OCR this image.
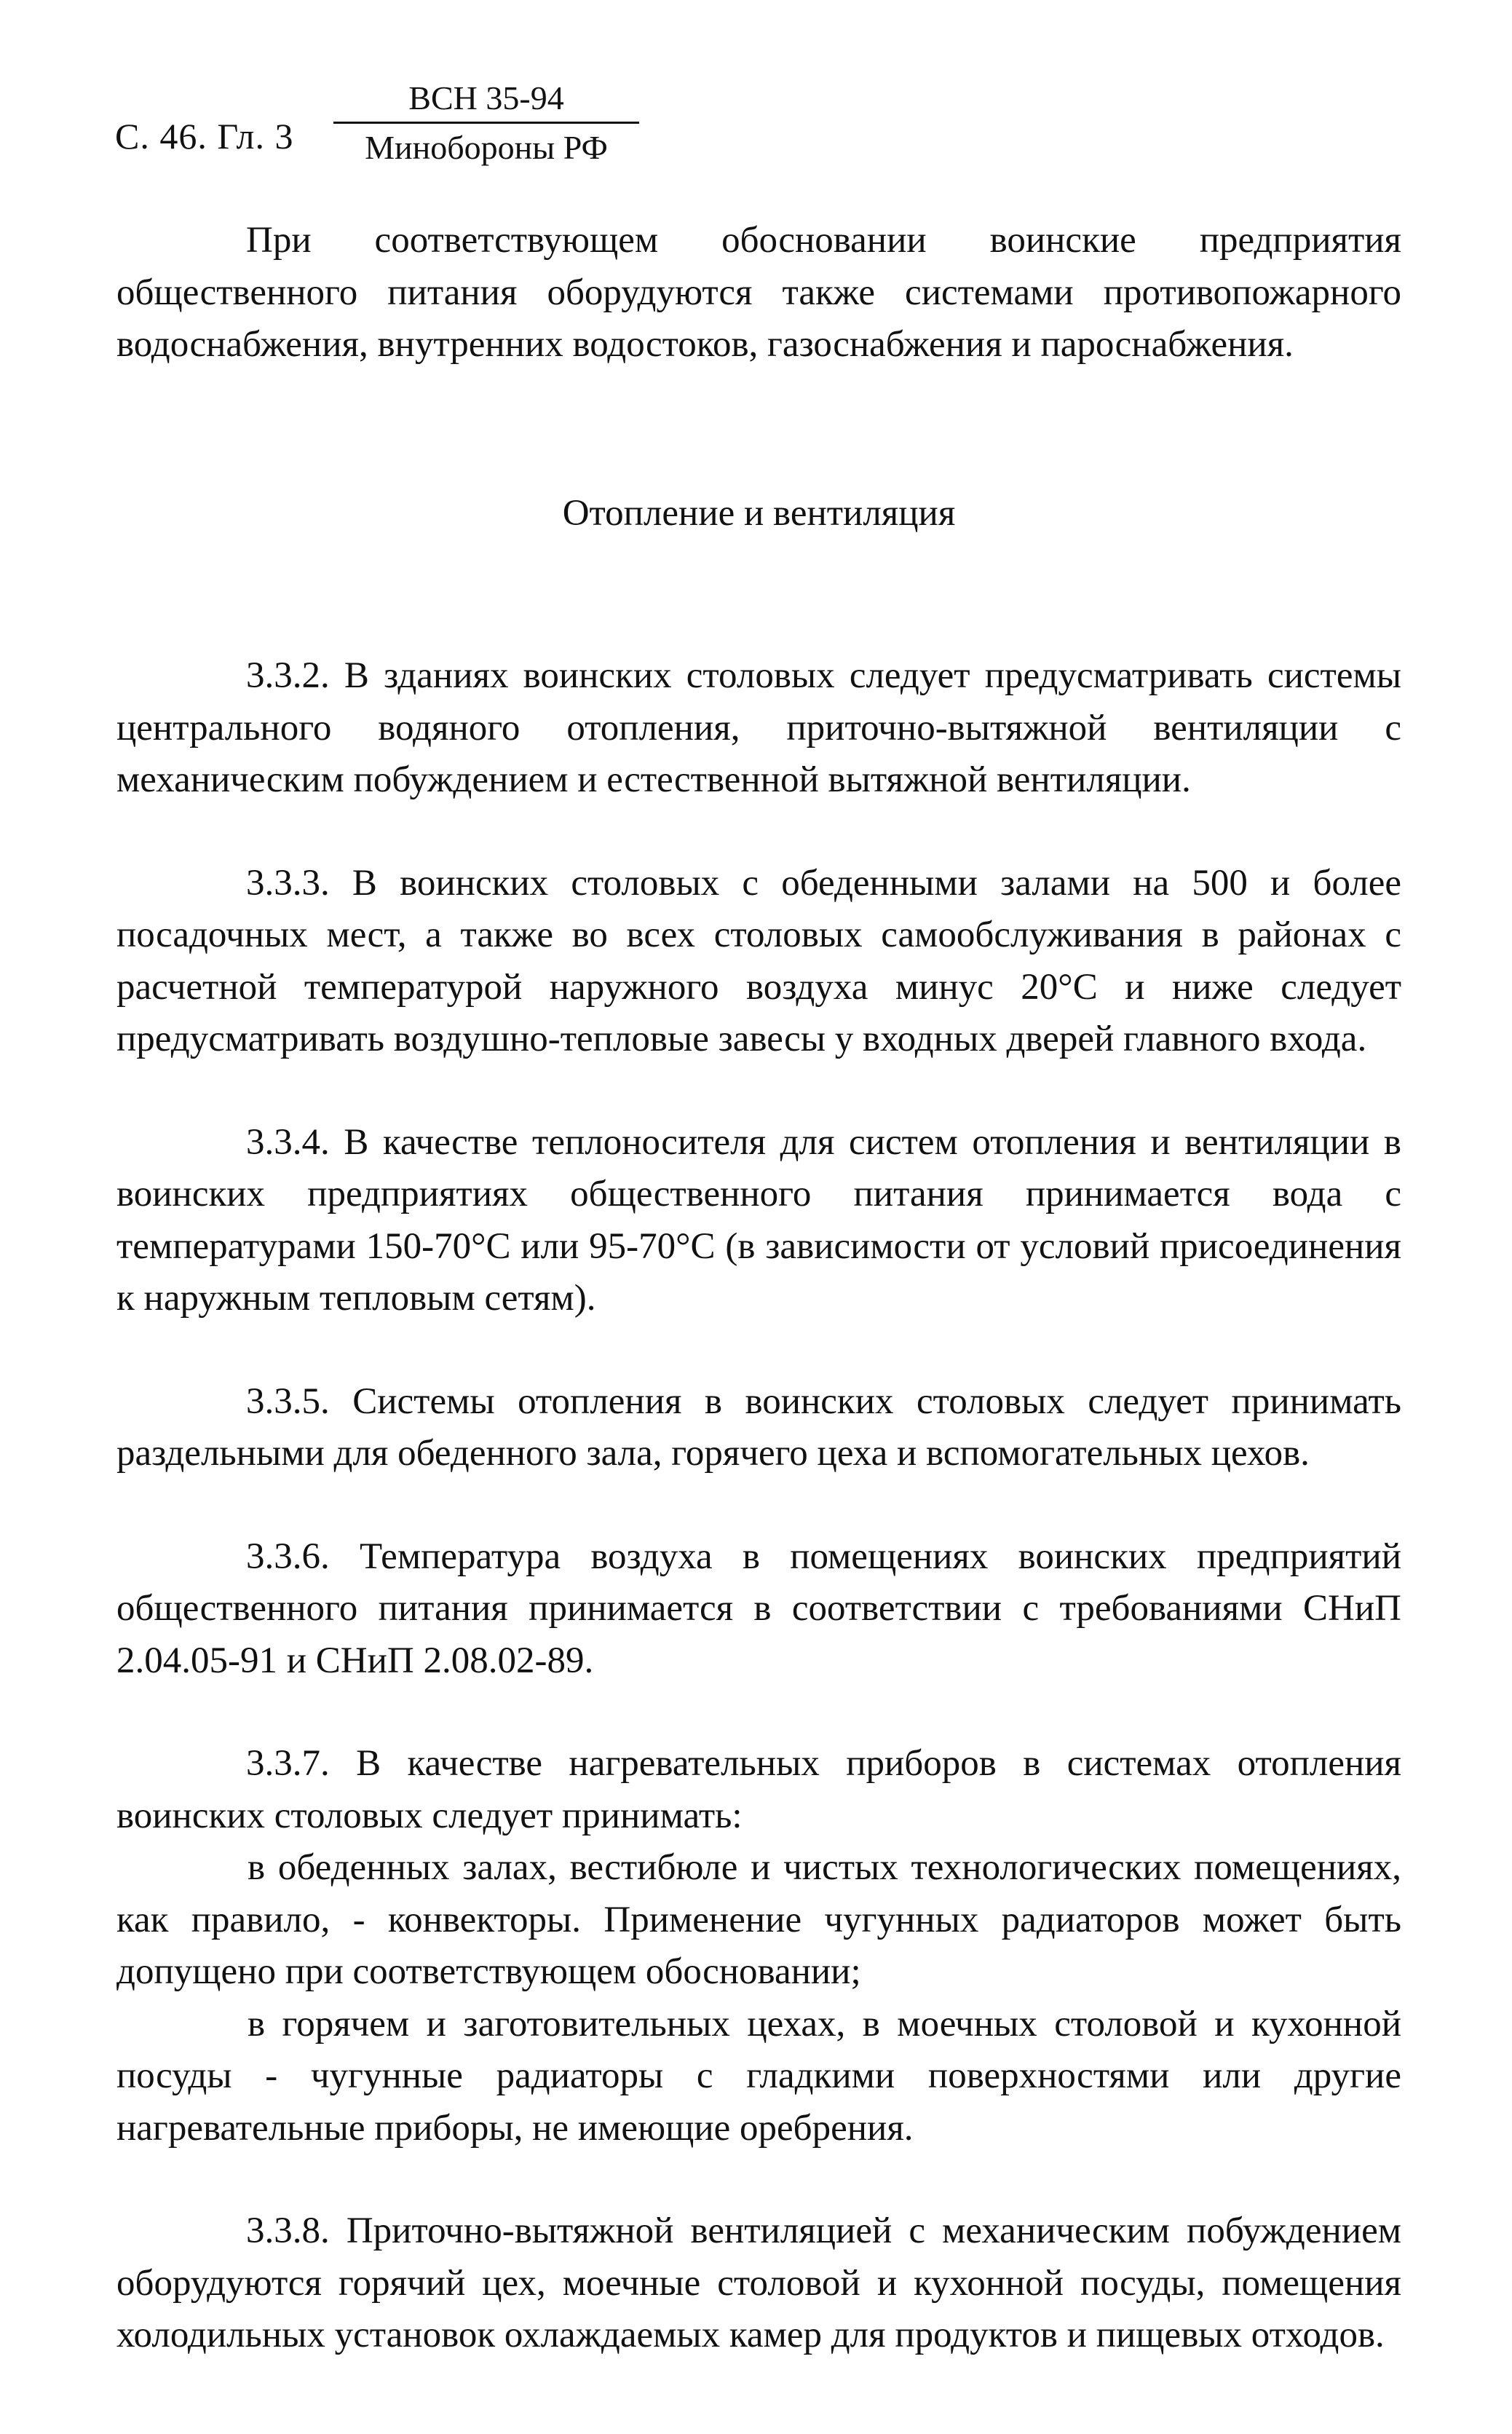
С. 46. Гл. 3
ВСН 35-94
Минобороны РФ

При соответствующем обосновании воинские предприятия общественного питания оборудуются также системами противопожарного водоснабжения, внутренних водостоков, газоснабжения и пароснабжения.

Отопление и вентиляция

3.3.2. В зданиях воинских столовых следует предусматривать системы центрального водяного отопления, приточно-вытяжной вентиляции с механическим побуждением и естественной вытяжной вентиляции.

3.3.3. В воинских столовых с обеденными залами на 500 и более посадочных мест, а также во всех столовых самообслуживания в районах с расчетной температурой наружного воздуха минус 20°С и ниже следует предусматривать воздушно-тепловые завесы у входных дверей главного входа.

3.3.4. В качестве теплоносителя для систем отопления и вентиляции в воинских предприятиях общественного питания принимается вода с температурами 150-70°С или 95-70°С (в зависимости от условий присоединения к наружным тепловым сетям).

3.3.5. Системы отопления в воинских столовых следует принимать раздельными для обеденного зала, горячего цеха и вспомогательных цехов.

3.3.6. Температура воздуха в помещениях воинских предприятий общественного питания принимается в соответствии с требованиями СНиП 2.04.05-91 и СНиП 2.08.02-89.

3.3.7. В качестве нагревательных приборов в системах отопления воинских столовых следует принимать:

в обеденных залах, вестибюле и чистых технологических помещениях, как правило, - конвекторы. Применение чугунных радиаторов может быть допущено при соответствующем обосновании;

в горячем и заготовительных цехах, в моечных столовой и кухонной посуды - чугунные радиаторы с гладкими поверхностями или другие нагревательные приборы, не имеющие оребрения.

3.3.8. Приточно-вытяжной вентиляцией с механическим побуждением оборудуются горячий цех, моечные столовой и кухонной посуды, помещения холодильных установок охлаждаемых камер для продуктов и пищевых отходов.
